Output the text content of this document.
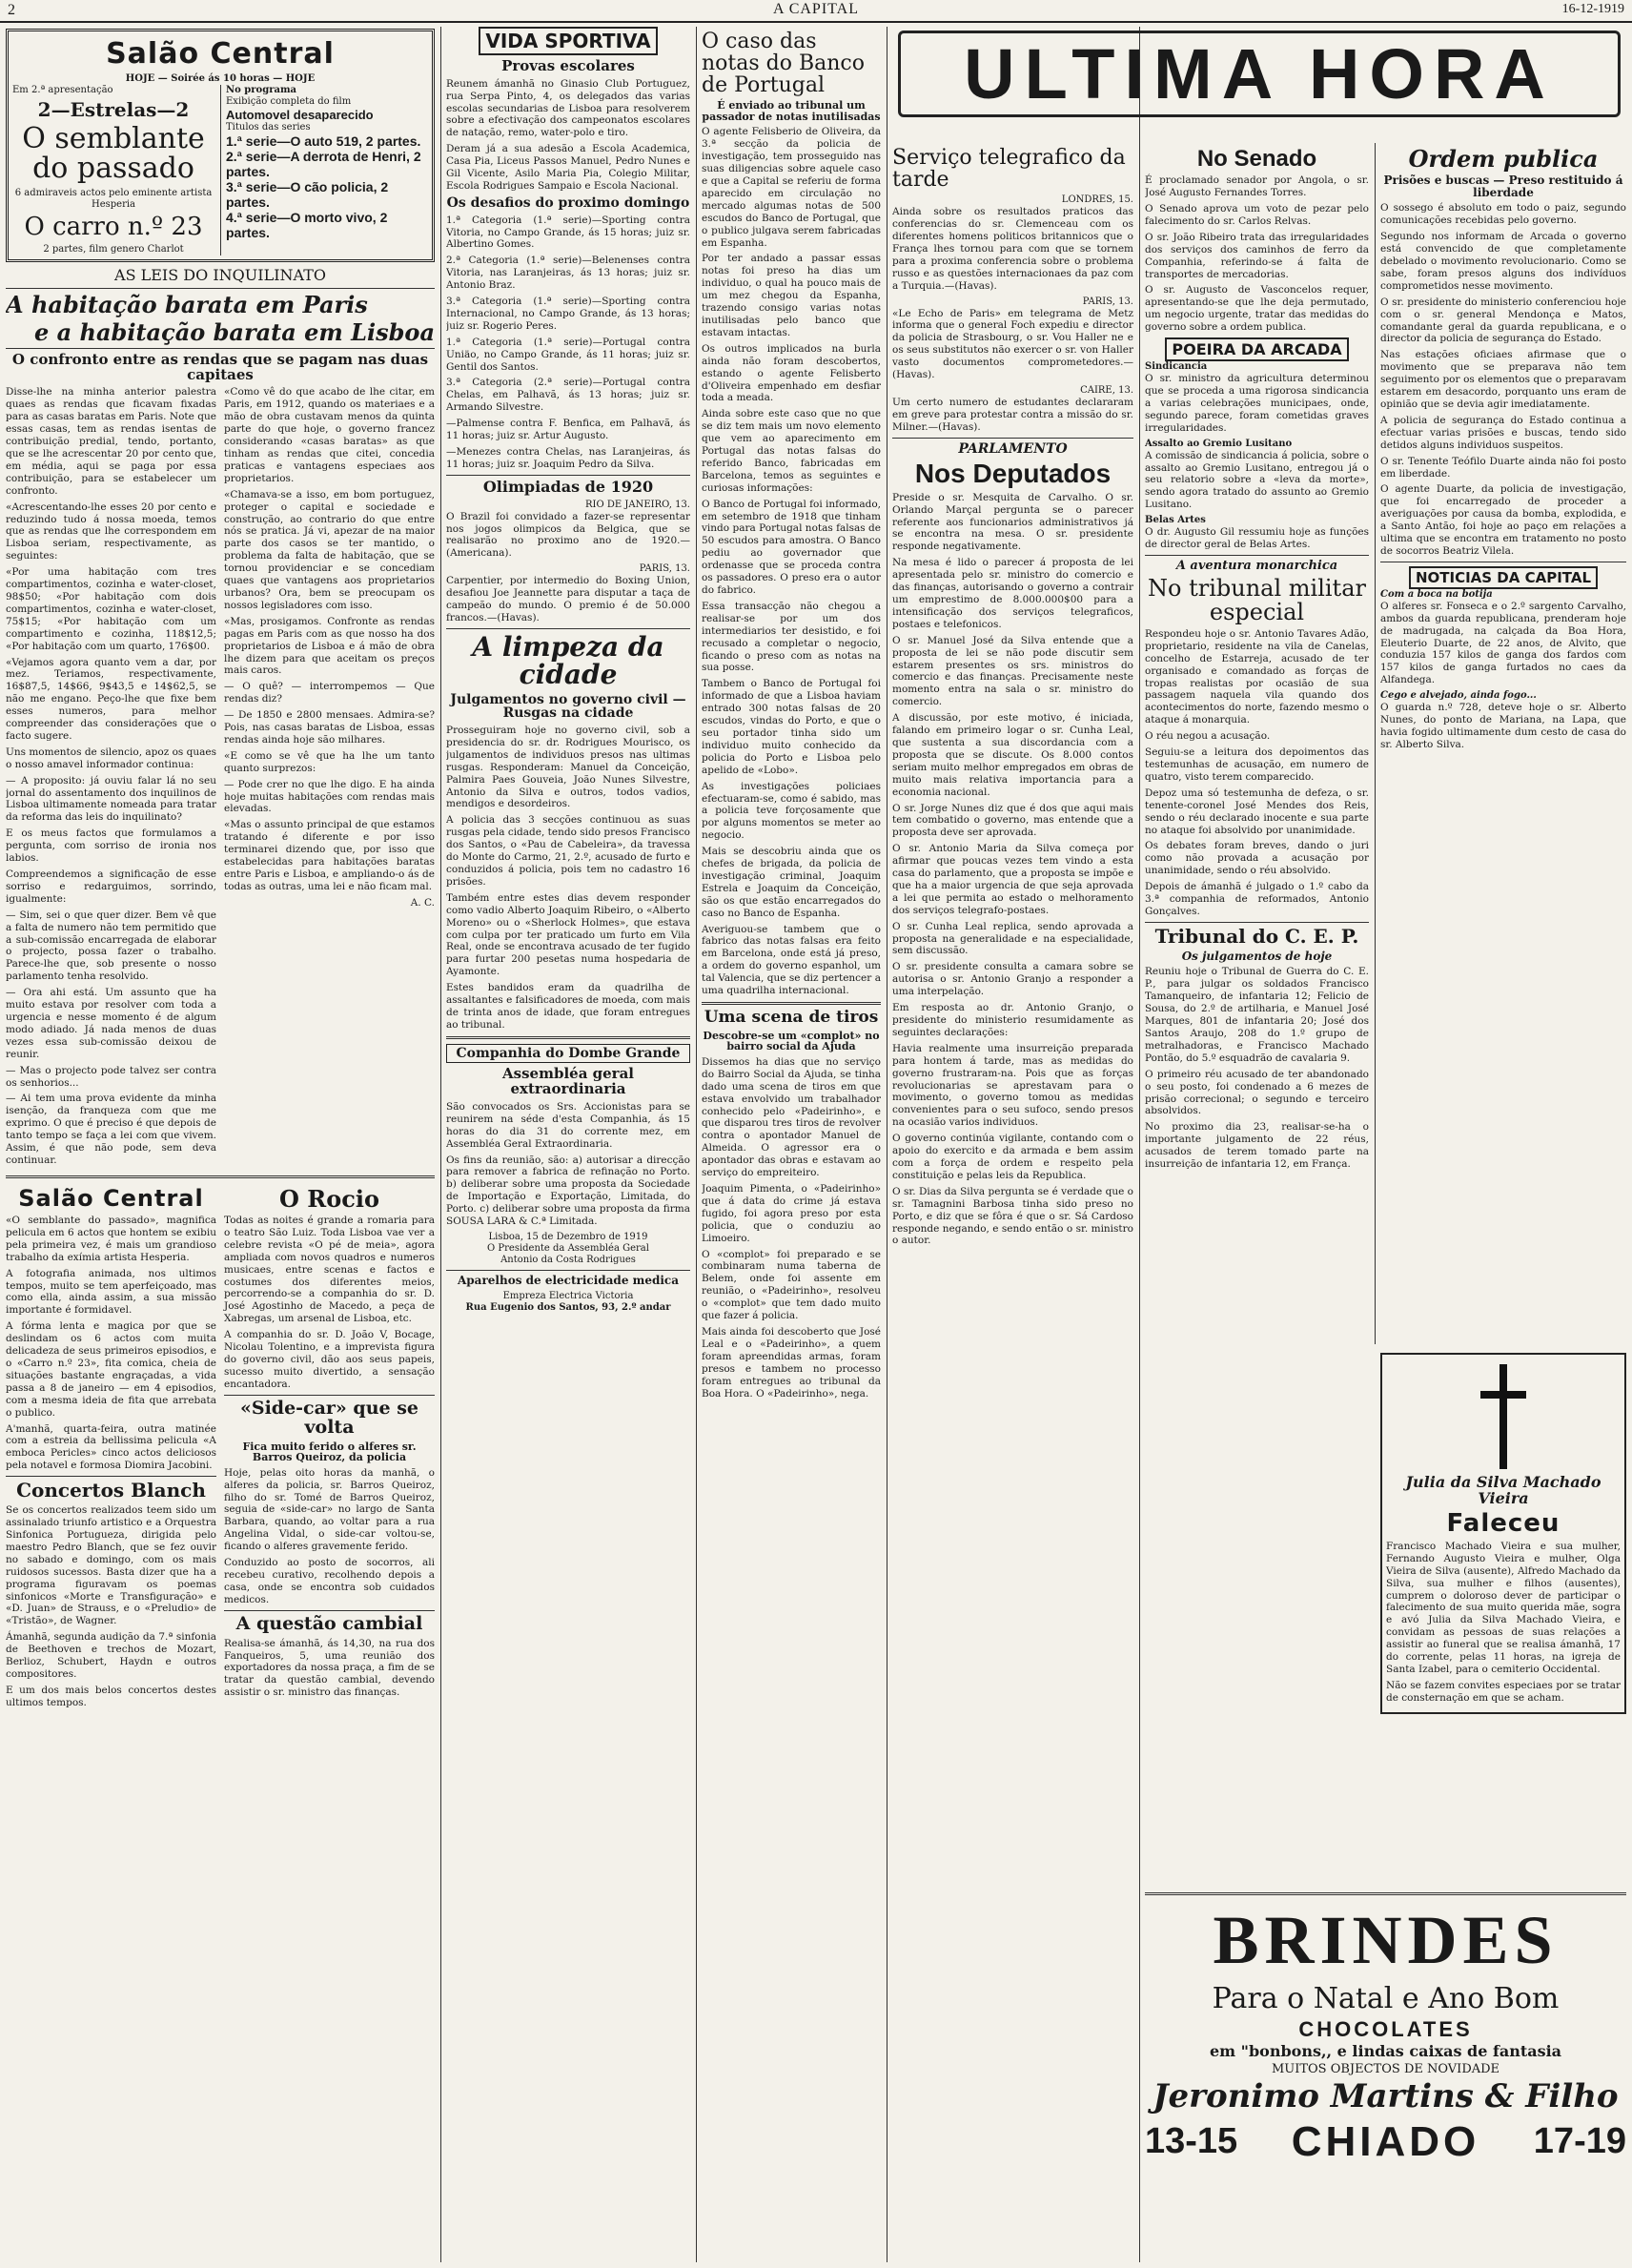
2	A CAPITAL	16-12-1919
Salão Central
HOJE — Soirée ás 10 horas — HOJE
Em 2.ª apresentação
2—Estrelas—2
O semblante do passado
6 admiraveis actos pelo eminente artista Hesperia
O carro n.º 23
2 partes, film genero Charlot
No programa
Exibição completa do film
Automovel desaparecido
Titulos das series
1.ª serie—O auto 519, 2 partes.
2.ª serie—A derrota de Henri, 2 partes.
3.ª serie—O cão policia, 2 partes.
4.ª serie—O morto vivo, 2 partes.
AS LEIS DO INQUILINATO
A habitação barata em Paris
e a habitação barata em Lisboa
O confronto entre as rendas que se pagam nas duas capitaes

Disse-lhe na minha anterior palestra quaes as rendas que ficavam fixadas para as casas baratas em Paris. Note que essas casas, tem as rendas isentas de contribuição predial, tendo, portanto, que se lhe acrescentar 20 por cento que, em média, aqui se paga por essa contribuição, para se estabelecer um confronto.

«Acrescentando-lhe esses 20 por cento e reduzindo tudo á nossa moeda, temos que as rendas que lhe correspondem em Lisboa seriam, respectivamente, as seguintes:

«Por uma habitação com tres compartimentos, cozinha e water-closet, 98$50; «Por habitação com dois compartimentos, cozinha e water-closet, 75$15; «Por habitação com um compartimento e cozinha, 118$12,5; «Por habitação com um quarto, 176$00.

«Vejamos agora quanto vem a dar, por mez. Teriamos, respectivamente, 16$87,5, 14$66, 9$43,5 e 14$62,5, se não me engano. Peço-lhe que fixe bem esses numeros, para melhor compreender das considerações que o facto sugere.

Uns momentos de silencio, apoz os quaes o nosso amavel informador continua:

— A proposito: já ouviu falar lá no seu jornal do assentamento dos inquilinos de Lisboa ultimamente nomeada para tratar da reforma das leis do inquilinato?

E os meus factos que formulamos a pergunta, com sorriso de ironia nos labios.

Compreendemos a significação de esse sorriso e redarguimos, sorrindo, igualmente:

— Sim, sei o que quer dizer. Bem vê que a falta de numero não tem permitido que a sub-comissão encarregada de elaborar o projecto, possa fazer o trabalho. Parece-lhe que, sob presente o nosso parlamento tenha resolvido.

— Ora ahi está. Um assunto que ha muito estava por resolver com toda a urgencia e nesse momento é de algum modo adiado. Já nada menos de duas vezes essa sub-comissão deixou de reunir.

— Mas o projecto pode talvez ser contra os senhorios...

— Ai tem uma prova evidente da minha isenção, da franqueza com que me exprimo. O que é preciso é que depois de tanto tempo se faça a lei com que vivem. Assim, é que não pode, sem deva continuar.

«Como vê do que acabo de lhe citar, em Paris, em 1912, quando os materiaes e a mão de obra custavam menos da quinta parte do que hoje, o governo francez considerando «casas baratas» as que tinham as rendas que citei, concedia praticas e vantagens especiaes aos proprietarios.

«Chamava-se a isso, em bom portuguez, proteger o capital e sociedade e construção, ao contrario do que entre nós se pratica. Já vi, apezar de na maior parte dos casos se ter mantido, o problema da falta de habitação, que se tornou providenciar e se concediam quaes que vantagens aos proprietarios urbanos? Ora, bem se preocupam os nossos legisladores com isso.

«Mas, prosigamos. Confronte as rendas pagas em Paris com as que nosso ha dos proprietarios de Lisboa e á mão de obra lhe dizem para que aceitam os preços mais caros.

— O quê? — interrompemos — Que rendas diz?

— De 1850 e 2800 mensaes. Admira-se? Pois, nas casas baratas de Lisboa, essas rendas ainda hoje são milhares.

«E como se vê que ha lhe um tanto quanto surprezos:

— Pode crer no que lhe digo. E ha ainda hoje muitas habitações com rendas mais elevadas.

«Mas o assunto principal de que estamos tratando é diferente e por isso terminarei dizendo que, por isso que estabelecidas para habitações baratas entre Paris e Lisboa, e ampliando-o ás de todas as outras, uma lei e não ficam mal.

A. C.

Salão Central

«O semblante do passado», magnifica pelicula em 6 actos que hontem se exibiu pela primeira vez, é mais um grandioso trabalho da exímia artista Hesperia.

A fotografia animada, nos ultimos tempos, muito se tem aperfeiçoado, mas como ella, ainda assim, a sua missão importante é formidavel.

A fórma lenta e magica por que se deslindam os 6 actos com muita delicadeza de seus primeiros episodios, e o «Carro n.º 23», fita comica, cheia de situações bastante engraçadas, a vida passa a 8 de janeiro — em 4 episodios, com a mesma ideia de fita que arrebata o publico.

A'manhã, quarta-feira, outra matinée com a estreia da bellissima pelicula «A emboca Pericles» cinco actos deliciosos pela notavel e formosa Diomira Jacobini.

Concertos Blanch

Se os concertos realizados teem sido um assinalado triunfo artistico e a Orquestra Sinfonica Portugueza, dirigida pelo maestro Pedro Blanch, que se fez ouvir no sabado e domingo, com os mais ruidosos sucessos. Basta dizer que ha a programa figuravam os poemas sinfonicos «Morte e Transfiguração» e «D. Juan» de Strauss, e o «Preludio» de «Tristão», de Wagner.

Ámanhã, segunda audição da 7.ª sinfonia de Beethoven e trechos de Mozart, Berlioz, Schubert, Haydn e outros compositores.

E um dos mais belos concertos destes ultimos tempos.

O Rocio

Todas as noites é grande a romaria para o teatro São Luiz. Toda Lisboa vae ver a celebre revista «O pé de meia», agora ampliada com novos quadros e numeros musicaes, entre scenas e factos e costumes dos diferentes meios, percorrendo-se a companhia do sr. D. José Agostinho de Macedo, a peça de Xabregas, um arsenal de Lisboa, etc.

A companhia do sr. D. João V, Bocage, Nicolau Tolentino, e a imprevista figura do governo civil, dão aos seus papeis, sucesso muito divertido, a sensação encantadora.

«Side-car» que se volta
Fica muito ferido o alferes sr. Barros Queiroz, da policia

Hoje, pelas oito horas da manhã, o alferes da policia, sr. Barros Queiroz, filho do sr. Tomé de Barros Queiroz, seguia de «side-car» no largo de Santa Barbara, quando, ao voltar para a rua Angelina Vidal, o side-car voltou-se, ficando o alferes gravemente ferido.

Conduzido ao posto de socorros, ali recebeu curativo, recolhendo depois a casa, onde se encontra sob cuidados medicos.

A questão cambial

Realisa-se ámanhã, ás 14,30, na rua dos Fanqueiros, 5, uma reunião dos exportadores da nossa praça, a fim de se tratar da questão cambial, devendo assistir o sr. ministro das finanças.

VIDA SPORTIVA
Provas escolares

Reunem ámanhã no Ginasio Club Portuguez, rua Serpa Pinto, 4, os delegados das varias escolas secundarias de Lisboa para resolverem sobre a efectivação dos campeonatos escolares de natação, remo, water-polo e tiro.

Deram já a sua adesão a Escola Academica, Casa Pia, Liceus Passos Manuel, Pedro Nunes e Gil Vicente, Asilo Maria Pia, Colegio Militar, Escola Rodrigues Sampaio e Escola Nacional.

Os desafios do proximo domingo

1.ª Categoria (1.ª serie)—Sporting contra Vitoria, no Campo Grande, ás 15 horas; juiz sr. Albertino Gomes.

2.ª Categoria (1.ª serie)—Belenenses contra Vitoria, nas Laranjeiras, ás 13 horas; juiz sr. Antonio Braz.

3.ª Categoria (1.ª serie)—Sporting contra Internacional, no Campo Grande, ás 13 horas; juiz sr. Rogerio Peres.

1.ª Categoria (1.ª serie)—Portugal contra Uniäo, no Campo Grande, ás 11 horas; juiz sr. Gentil dos Santos.

3.ª Categoria (2.ª serie)—Portugal contra Chelas, em Palhavã, ás 13 horas; juiz sr. Armando Silvestre.

—Palmense contra F. Benfica, em Palhavã, ás 11 horas; juiz sr. Artur Augusto.

—Menezes contra Chelas, nas Laranjeiras, ás 11 horas; juiz sr. Joaquim Pedro da Silva.

Olimpiadas de 1920
RIO DE JANEIRO, 13.

O Brazil foi convidado a fazer-se representar nos jogos olimpicos da Belgica, que se realisarão no proximo ano de 1920.—(Americana).

PARIS, 13.

Carpentier, por intermedio do Boxing Union, desafiou Joe Jeannette para disputar a taça de campeão do mundo. O premio é de 50.000 francos.—(Havas).

A limpeza da cidade
Julgamentos no governo civil — Rusgas na cidade

Prosseguiram hoje no governo civil, sob a presidencia do sr. dr. Rodrigues Mourisco, os julgamentos de individuos presos nas ultimas rusgas. Responderam: Manuel da Conceição, Palmira Paes Gouveia, João Nunes Silvestre, Antonio da Silva e outros, todos vadios, mendigos e desordeiros.

A policia das 3 secções continuou as suas rusgas pela cidade, tendo sido presos Francisco dos Santos, o «Pau de Cabeleira», da travessa do Monte do Carmo, 21, 2.º, acusado de furto e conduzidos á policia, pois tem no cadastro 16 prisões.

Também entre estes dias devem responder como vadio Alberto Joaquim Ribeiro, o «Alberto Moreno» ou o «Sherlock Holmes», que estava com culpa por ter praticado um furto em Vila Real, onde se encontrava acusado de ter fugido para furtar 200 pesetas numa hospedaria de Ayamonte.

Estes bandidos eram da quadrilha de assaltantes e falsificadores de moeda, com mais de trinta anos de idade, que foram entregues ao tribunal.

Companhia do Dombe Grande
Assembléa geral extraordinaria

São convocados os Srs. Accionistas para se reunirem na séde d'esta Companhia, ás 15 horas do dia 31 do corrente mez, em Assembléa Geral Extraordinaria.

Os fins da reunião, são: a) autorisar a direcção para remover a fabrica de refinação no Porto. b) deliberar sobre uma proposta da Sociedade de Importação e Exportação, Limitada, do Porto. c) deliberar sobre uma proposta da firma SOUSA LARA & C.ª Limitada.

Lisboa, 15 de Dezembro de 1919
O Presidente da Assembléa Geral
Antonio da Costa Rodrigues
Aparelhos de electricidade medica
Empreza Electrica Victoria
Rua Eugenio dos Santos, 93, 2.º andar
O caso das notas do Banco de Portugal
É enviado ao tribunal um passador de notas inutilisadas

O agente Felisberio de Oliveira, da 3.ª secção da policia de investigação, tem prosseguido nas suas diligencias sobre aquele caso e que a Capital se referiu de forma aparecido em circulação no mercado algumas notas de 500 escudos do Banco de Portugal, que o publico julgava serem fabricadas em Espanha.

Por ter andado a passar essas notas foi preso ha dias um individuo, o qual ha pouco mais de um mez chegou da Espanha, trazendo consigo varias notas inutilisadas pelo banco que estavam intactas.

Os outros implicados na burla ainda não foram descobertos, estando o agente Felisberto d'Oliveira empenhado em desfiar toda a meada.

Ainda sobre este caso que no que se diz tem mais um novo elemento que vem ao aparecimento em Portugal das notas falsas do referido Banco, fabricadas em Barcelona, temos as seguintes e curiosas informações:

O Banco de Portugal foi informado, em setembro de 1918 que tinham vindo para Portugal notas falsas de 50 escudos para amostra. O Banco pediu ao governador que ordenasse que se proceda contra os passadores. O preso era o autor do fabrico.

Essa transacção não chegou a realisar-se por um dos intermediarios ter desistido, e foi recusado a completar o negocio, ficando o preso com as notas na sua posse.

Tambem o Banco de Portugal foi informado de que a Lisboa haviam entrado 300 notas falsas de 20 escudos, vindas do Porto, e que o seu portador tinha sido um individuo muito conhecido da policia do Porto e Lisboa pelo apelido de «Lobo».

As investigações policiaes efectuaram-se, como é sabido, mas a policia teve forçosamente que por alguns momentos se meter ao negocio.

Mais se descobriu ainda que os chefes de brigada, da policia de investigação criminal, Joaquim Estrela e Joaquim da Conceição, são os que estão encarregados do caso no Banco de Espanha.

Averiguou-se tambem que o fabrico das notas falsas era feito em Barcelona, onde está já preso, a ordem do governo espanhol, um tal Valencia, que se diz pertencer a uma quadrilha internacional.

Uma scena de tiros
Descobre-se um «complot» no bairro social da Ajuda

Dissemos ha dias que no serviço do Bairro Social da Ajuda, se tinha dado uma scena de tiros em que estava envolvido um trabalhador conhecido pelo «Padeirinho», e que disparou tres tiros de revolver contra o apontador Manuel de Almeida. O agressor era o apontador das obras e estavam ao serviço do empreiteiro.

Joaquim Pimenta, o «Padeirinho» que á data do crime já estava fugido, foi agora preso por esta policia, que o conduziu ao Limoeiro.

O «complot» foi preparado e se combinaram numa taberna de Belem, onde foi assente em reunião, o «Padeirinho», resolveu o «complot» que tem dado muito que fazer á policia.

Mais ainda foi descoberto que José Leal e o «Padeirinho», a quem foram apreendidas armas, foram presos e tambem no processo foram entregues ao tribunal da Boa Hora. O «Padeirinho», nega.

ULTIMA HORA
Serviço telegrafico da tarde
LONDRES, 15.

Ainda sobre os resultados praticos das conferencias do sr. Clemenceau com os diferentes homens politicos britannicos que o França lhes tornou para com que se tornem para a proxima conferencia sobre o problema russo e as questões internacionaes da paz com a Turquia.—(Havas).

PARIS, 13.

«Le Echo de Paris» em telegrama de Metz informa que o general Foch expediu e director da policia de Strasbourg, o sr. Vou Haller ne e os seus substitutos não exercer o sr. von Haller vasto documentos comprometedores.—(Havas).

CAIRE, 13.

Um certo numero de estudantes declararam em greve para protestar contra a missão do sr. Milner.—(Havas).

PARLAMENTO
Nos Deputados

Preside o sr. Mesquita de Carvalho. O sr. Orlando Marçal pergunta se o parecer referente aos funcionarios administrativos já se encontra na mesa. O sr. presidente responde negativamente.

Na mesa é lido o parecer á proposta de lei apresentada pelo sr. ministro do comercio e das finanças, autorisando o governo a contrair um emprestimo de 8.000.000$00 para a intensificação dos serviços telegraficos, postaes e telefonicos.

O sr. Manuel José da Silva entende que a proposta de lei se não pode discutir sem estarem presentes os srs. ministros do comercio e das finanças. Precisamente neste momento entra na sala o sr. ministro do comercio.

A discussão, por este motivo, é iniciada, falando em primeiro logar o sr. Cunha Leal, que sustenta a sua discordancia com a proposta que se discute. Os 8.000 contos seriam muito melhor empregados em obras de muito mais relativa importancia para a economia nacional.

O sr. Jorge Nunes diz que é dos que aqui mais tem combatido o governo, mas entende que a proposta deve ser aprovada.

O sr. Antonio Maria da Silva começa por afirmar que poucas vezes tem vindo a esta casa do parlamento, que a proposta se impõe e que ha a maior urgencia de que seja aprovada a lei que permita ao estado o melhoramento dos serviços telegrafo-postaes.

O sr. Cunha Leal replica, sendo aprovada a proposta na generalidade e na especialidade, sem discussão.

O sr. presidente consulta a camara sobre se autorisa o sr. Antonio Granjo a responder a uma interpelação.

Em resposta ao dr. Antonio Granjo, o presidente do ministerio resumidamente as seguintes declarações:

Havia realmente uma insurreição preparada para hontem á tarde, mas as medidas do governo frustraram-na. Pois que as forças revolucionarias se aprestavam para o movimento, o governo tomou as medidas convenientes para o seu sufoco, sendo presos na ocasião varios individuos.

O governo continúa vigilante, contando com o apoio do exercito e da armada e bem assim com a força de ordem e respeito pela constituição e pelas leis da Republica.

O sr. Dias da Silva pergunta se é verdade que o sr. Tamagnini Barbosa tinha sido preso no Porto, e diz que se fôra é que o sr. Sá Cardoso responde negando, e sendo então o sr. ministro o autor.

No Senado

É proclamado senador por Angola, o sr. José Augusto Fernandes Torres.

O Senado aprova um voto de pezar pelo falecimento do sr. Carlos Relvas.

O sr. João Ribeiro trata das irregularidades dos serviços dos caminhos de ferro da Companhia, referindo-se á falta de transportes de mercadorias.

O sr. Augusto de Vasconcelos requer, apresentando-se que lhe deja permutado, um negocio urgente, tratar das medidas do governo sobre a ordem publica.

POEIRA DA ARCADA
Sindicancia

O sr. ministro da agricultura determinou que se proceda a uma rigorosa sindicancia a varias celebrações municipaes, onde, segundo parece, foram cometidas graves irregularidades.

Assalto ao Gremio Lusitano

A comissão de sindicancia á policia, sobre o assalto ao Gremio Lusitano, entregou já o seu relatorio sobre a «leva da morte», sendo agora tratado do assunto ao Gremio Lusitano.

Belas Artes

O dr. Augusto Gil ressumiu hoje as funções de director geral de Belas Artes.

A aventura monarchica
No tribunal militar especial

Respondeu hoje o sr. Antonio Tavares Adão, proprietario, residente na vila de Canelas, concelho de Estarreja, acusado de ter organisado e comandado as forças de tropas realistas por ocasião de sua passagem naquela vila quando dos acontecimentos do norte, fazendo mesmo o ataque á monarquia.

O réu negou a acusação.

Seguiu-se a leitura dos depoimentos das testemunhas de acusação, em numero de quatro, visto terem comparecido.

Depoz uma só testemunha de defeza, o sr. tenente-coronel José Mendes dos Reis, sendo o réu declarado inocente e sua parte no ataque foi absolvido por unanimidade.

Os debates foram breves, dando o juri como não provada a acusação por unanimidade, sendo o réu absolvido.

Depois de ámanhã é julgado o 1.º cabo da 3.ª companhia de reformados, Antonio Gonçalves.

Tribunal do C. E. P.
Os julgamentos de hoje

Reuniu hoje o Tribunal de Guerra do C. E. P., para julgar os soldados Francisco Tamanqueiro, de infantaria 12; Felicio de Sousa, do 2.º de artilharia, e Manuel José Marques, 801 de infantaria 20; José dos Santos Araujo, 208 do 1.º grupo de metralhadoras, e Francisco Machado Pontão, do 5.º esquadrão de cavalaria 9.

O primeiro réu acusado de ter abandonado o seu posto, foi condenado a 6 mezes de prisão correcional; o segundo e terceiro absolvidos.

No proximo dia 23, realisar-se-ha o importante julgamento de 22 réus, acusados de terem tomado parte na insurreição de infantaria 12, em França.

Ordem publica
Prisões e buscas — Preso restituido á liberdade

O sossego é absoluto em todo o paiz, segundo comunicações recebidas pelo governo.

Segundo nos informam de Arcada o governo está convencido de que completamente debelado o movimento revolucionario. Como se sabe, foram presos alguns dos indivíduos comprometidos nesse movimento.

O sr. presidente do ministerio conferenciou hoje com o sr. general Mendonça e Matos, comandante geral da guarda republicana, e o director da policia de segurança do Estado.

Nas estações oficiaes afirmase que o movimento que se preparava não tem seguimento por os elementos que o preparavam estarem em desacordo, porquanto uns eram de opinião que se devia agir imediatamente.

A policia de segurança do Estado continua a efectuar varias prisões e buscas, tendo sido detidos alguns individuos suspeitos.

O sr. Tenente Teófilo Duarte ainda não foi posto em liberdade.

O agente Duarte, da policia de investigação, que foi encarregado de proceder a averiguações por causa da bomba, explodida, e a Santo Antão, foi hoje ao paço em relações a ultima que se encontra em tratamento no posto de socorros Beatriz Vilela.

NOTICIAS DA CAPITAL
Com a boca na botija

O alferes sr. Fonseca e o 2.º sargento Carvalho, ambos da guarda republicana, prenderam hoje de madrugada, na calçada da Boa Hora, Eleuterio Duarte, de 22 anos, de Alvito, que conduzia 157 kilos de ganga dos fardos com 157 kilos de ganga furtados no caes da Alfandega.

Cego e alvejado, ainda fogo...

O guarda n.º 728, deteve hoje o sr. Alberto Nunes, do ponto de Mariana, na Lapa, que havia fogido ultimamente dum cesto de casa do sr. Alberto Silva.

Julia da Silva Machado Vieira
Faleceu

Francisco Machado Vieira e sua mulher, Fernando Augusto Vieira e mulher, Olga Vieira de Silva (ausente), Alfredo Machado da Silva, sua mulher e filhos (ausentes), cumprem o doloroso dever de participar o falecimento de sua muito querida mãe, sogra e avó Julia da Silva Machado Vieira, e convidam as pessoas de suas relações a assistir ao funeral que se realisa ámanhã, 17 do corrente, pelas 11 horas, na igreja de Santa Izabel, para o cemiterio Occidental.

Não se fazem convites especiaes por se tratar de consternação em que se acham.

BRINDES
Para o Natal e Ano Bom
CHOCOLATES
em "bonbons,, e lindas caixas de fantasia
MUITOS OBJECTOS DE NOVIDADE
Jeronimo Martins & Filho
13-15 CHIADO 17-19
